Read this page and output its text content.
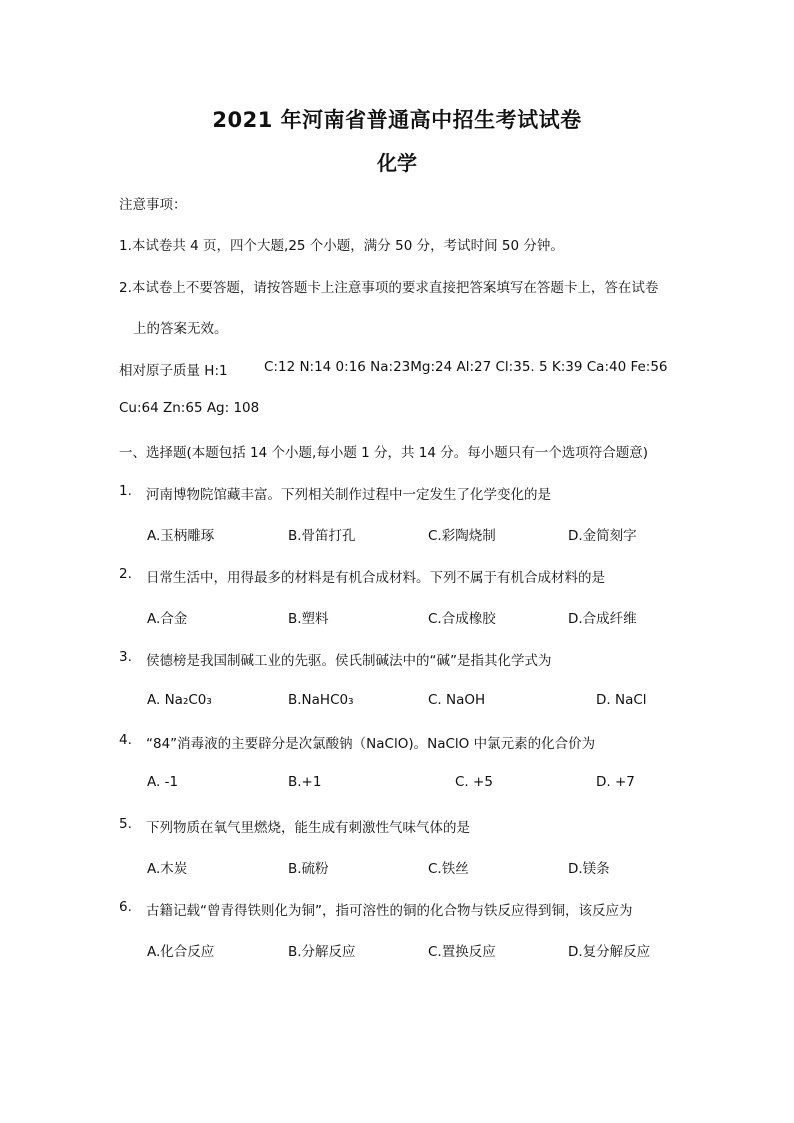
2021 年河南省普通高中招生考试试卷
化学
注意事项：
1.本试卷共 4 页，四个大题,25 个小题，满分 50 分，考试时间 50 分钟。
2.本试卷上不要答题，请按答题卡上注意事项的要求直接把答案填写在答题卡上，答在试卷
上的答案无效。
相对原子质量 H:1	C:12 N:14 0:16 Na:23Mg:24 Al:27 Cl:35. 5 K:39 Ca:40 Fe:56
Cu:64 Zn:65 Ag: 108
一、选择题(本题包括 14 个小题,每小题 1 分，共 14 分。每小题只有一个选项符合题意)
1. 河南博物院馆藏丰富。下列相关制作过程中一定发生了化学变化的是
A.玉柄雕琢	B.骨笛打孔	C.彩陶烧制	D.金简刻字
2. 日常生活中，用得最多的材料是有机合成材料。下列不属于有机合成材料的是
A.合金	B.塑料	C.合成橡胶	D.合成纤维
3. 侯德榜是我国制碱工业的先驱。侯氏制碱法中的“碱”是指其化学式为
A. Na₂C0₃	B.NaHC0₃	C. NaOH	D. NaCl
4. “84”消毒液的主要辟分是次氯酸钠（NaClO)。NaClO 中氯元素的化合价为
A. -1	B.+1	C. +5	D. +7
5. 下列物质在氧气里燃烧，能生成有刺激性气味气体的是
A.木炭	B.硫粉	C.铁丝	D.镁条
6. 古籍记载“曾青得铁则化为铜”，指可溶性的铜的化合物与铁反应得到铜，该反应为
A.化合反应	B.分解反应	C.置换反应	D.复分解反应
